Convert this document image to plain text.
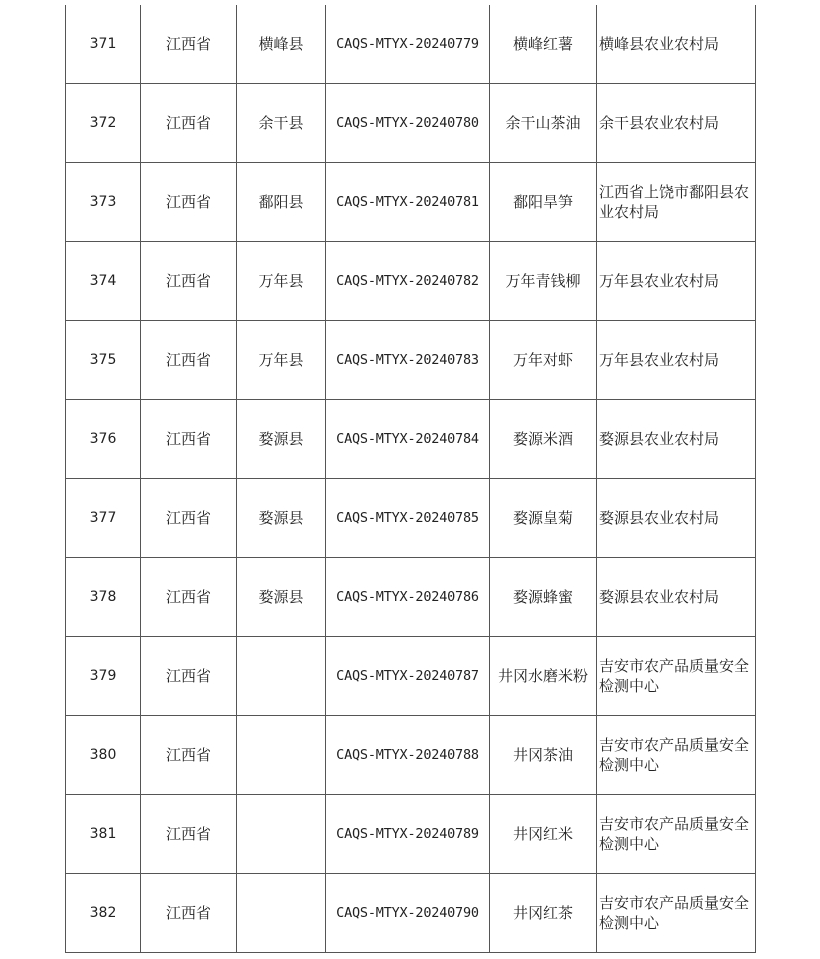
371	江西省	横峰县	CAQS-MTYX-20240779	横峰红薯	横峰县农业农村局
372	江西省	余干县	CAQS-MTYX-20240780	余干山茶油	余干县农业农村局
373	江西省	鄱阳县	CAQS-MTYX-20240781	鄱阳旱笋	江西省上饶市鄱阳县农业农村局
374	江西省	万年县	CAQS-MTYX-20240782	万年青钱柳	万年县农业农村局
375	江西省	万年县	CAQS-MTYX-20240783	万年对虾	万年县农业农村局
376	江西省	婺源县	CAQS-MTYX-20240784	婺源米酒	婺源县农业农村局
377	江西省	婺源县	CAQS-MTYX-20240785	婺源皇菊	婺源县农业农村局
378	江西省	婺源县	CAQS-MTYX-20240786	婺源蜂蜜	婺源县农业农村局
379	江西省		CAQS-MTYX-20240787	井冈水磨米粉	吉安市农产品质量安全检测中心
380	江西省		CAQS-MTYX-20240788	井冈茶油	吉安市农产品质量安全检测中心
381	江西省		CAQS-MTYX-20240789	井冈红米	吉安市农产品质量安全检测中心
382	江西省		CAQS-MTYX-20240790	井冈红茶	吉安市农产品质量安全检测中心
